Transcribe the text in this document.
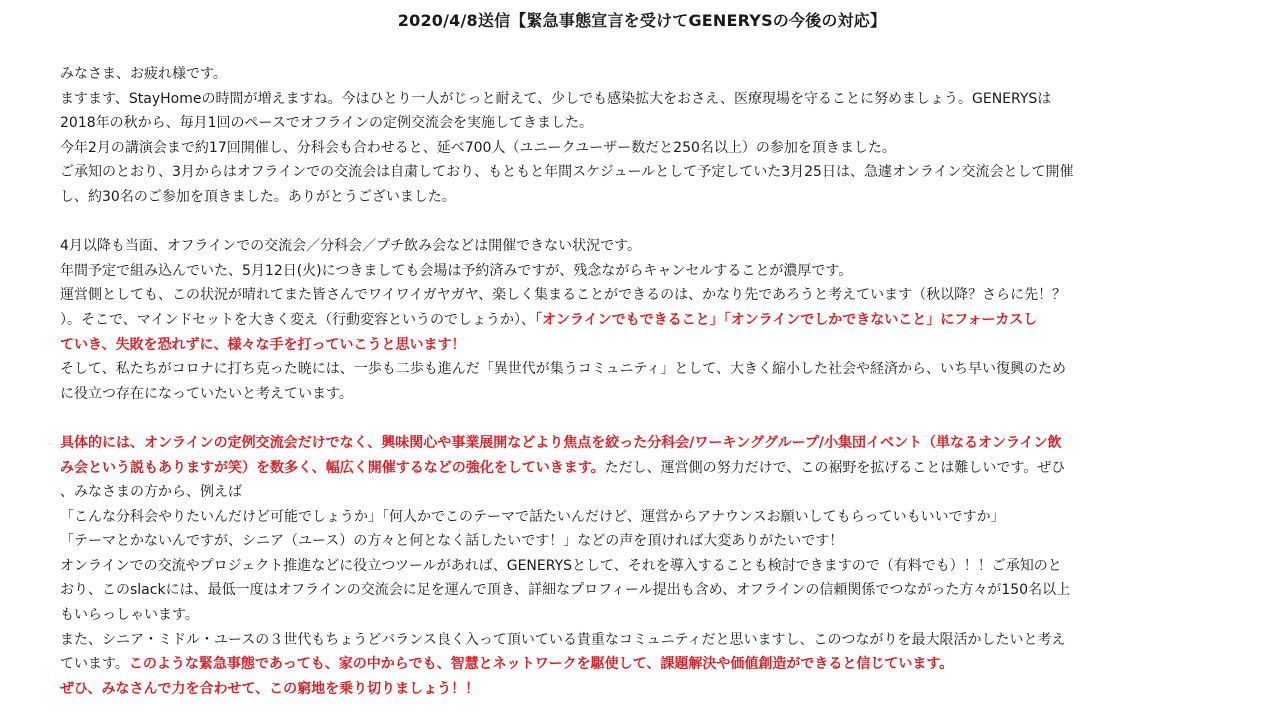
2020/4/8送信【緊急事態宣言を受けてGENERYSの今後の対応】
みなさま、お疲れ様です。
ますます、StayHomeの時間が増えますね。今はひとり一人がじっと耐えて、少しでも感染拡大をおさえ、医療現場を守ることに努めましょう。GENERYSは
2018年の秋から、毎月1回のペースでオフラインの定例交流会を実施してきました。
今年2月の講演会まで約17回開催し、分科会も合わせると、延べ700人（ユニークユーザー数だと250名以上）の参加を頂きました。
ご承知のとおり、3月からはオフラインでの交流会は自粛しており、もともと年間スケジュールとして予定していた3月25日は、急遽オンライン交流会として開催
し、約30名のご参加を頂きました。ありがとうございました。
4月以降も当面、オフラインでの交流会／分科会／プチ飲み会などは開催できない状況です。
年間予定で組み込んでいた、5月12日(火)につきましても会場は予約済みですが、残念ながらキャンセルすることが濃厚です。
運営側としても、この状況が晴れてまた皆さんでワイワイガヤガヤ、楽しく集まることができるのは、かなり先であろうと考えています（秋以降？さらに先！？
）。そこで、マインドセットを大きく変え（行動変容というのでしょうか）、「オンラインでもできること」「オンラインでしかできないこと」にフォーカスし
ていき、失敗を恐れずに、様々な手を打っていこうと思います！
そして、私たちがコロナに打ち克った暁には、一歩も二歩も進んだ「異世代が集うコミュニティ」として、大きく縮小した社会や経済から、いち早い復興のため
に役立つ存在になっていたいと考えています。
具体的には、オンラインの定例交流会だけでなく、興味関心や事業展開などより焦点を絞った分科会/ワーキンググループ/小集団イベント（単なるオンライン飲
み会という説もありますが笑）を数多く、幅広く開催するなどの強化をしていきます。ただし、運営側の努力だけで、この裾野を拡げることは難しいです。ぜひ
、みなさまの方から、例えば
「こんな分科会やりたいんだけど可能でしょうか」「何人かでこのテーマで話たいんだけど、運営からアナウンスお願いしてもらっていもいいですか」
「テーマとかないんですが、シニア（ユース）の方々と何となく話したいです！」などの声を頂ければ大変ありがたいです！
オンラインでの交流やプロジェクト推進などに役立つツールがあれば、GENERYSとして、それを導入することも検討できますので（有料でも）！！ご承知のと
おり、このslackには、最低一度はオフラインの交流会に足を運んで頂き、詳細なプロフィール提出も含め、オフラインの信頼関係でつながった方々が150名以上
もいらっしゃいます。
また、シニア・ミドル・ユースの３世代もちょうどバランス良く入って頂いている貴重なコミュニティだと思いますし、このつながりを最大限活かしたいと考え
ています。このような緊急事態であっても、家の中からでも、智慧とネットワークを駆使して、課題解決や価値創造ができると信じています。
ぜひ、みなさんで力を合わせて、この窮地を乗り切りましょう！！
